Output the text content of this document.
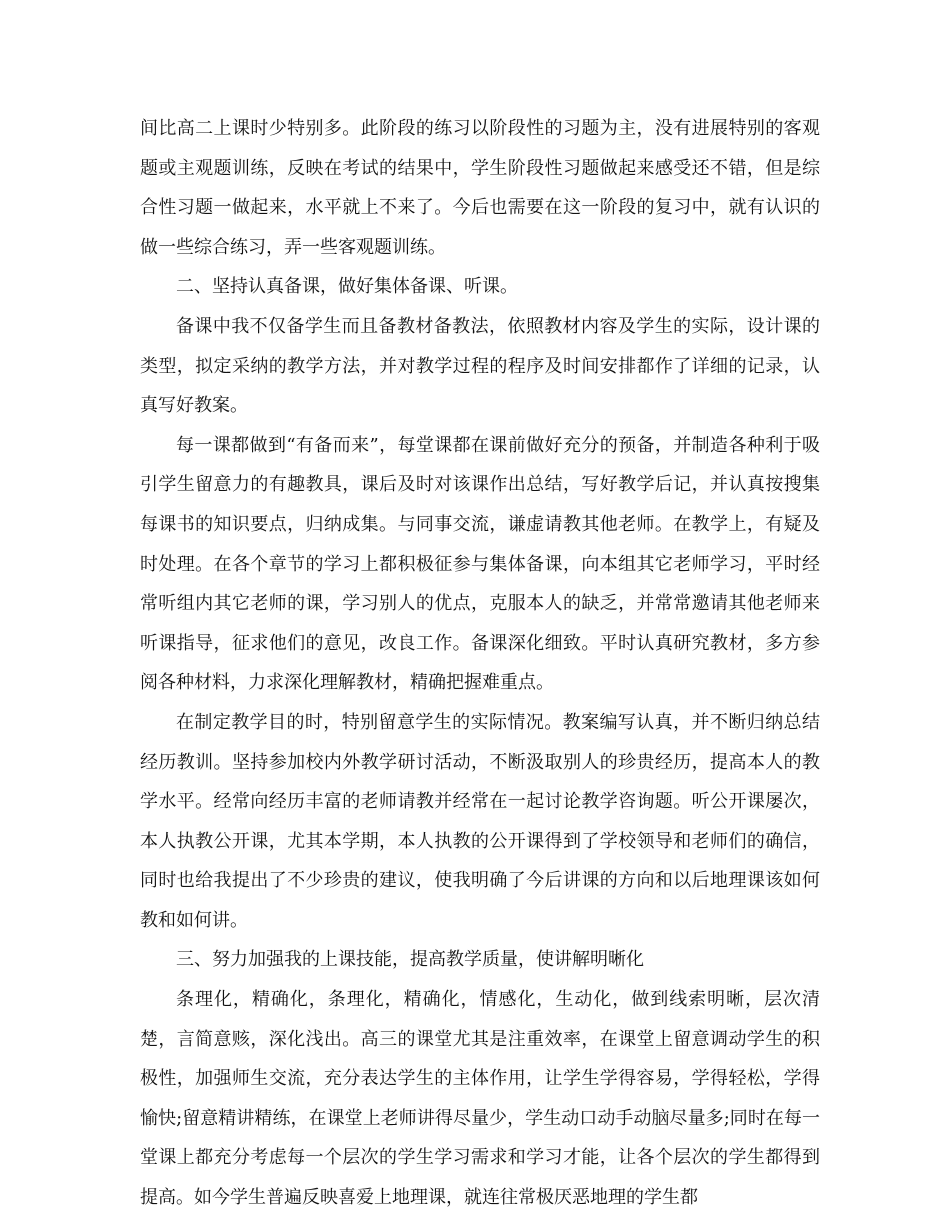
间比高二上课时少特别多。此阶段的练习以阶段性的习题为主，没有进展特别的客观题或主观题训练，反映在考试的结果中，学生阶段性习题做起来感受还不错，但是综合性习题一做起来，水平就上不来了。今后也需要在这一阶段的复习中，就有认识的做一些综合练习，弄一些客观题训练。

二、坚持认真备课，做好集体备课、听课。

备课中我不仅备学生而且备教材备教法，依照教材内容及学生的实际，设计课的类型，拟定采纳的教学方法，并对教学过程的程序及时间安排都作了详细的记录，认真写好教案。

每一课都做到“有备而来”，每堂课都在课前做好充分的预备，并制造各种利于吸引学生留意力的有趣教具，课后及时对该课作出总结，写好教学后记，并认真按搜集每课书的知识要点，归纳成集。与同事交流，谦虚请教其他老师。在教学上，有疑及时处理。在各个章节的学习上都积极征参与集体备课，向本组其它老师学习，平时经常听组内其它老师的课，学习别人的优点，克服本人的缺乏，并常常邀请其他老师来听课指导，征求他们的意见，改良工作。备课深化细致。平时认真研究教材，多方参阅各种材料，力求深化理解教材，精确把握难重点。

在制定教学目的时，特别留意学生的实际情况。教案编写认真，并不断归纳总结经历教训。坚持参加校内外教学研讨活动，不断汲取别人的珍贵经历，提高本人的教学水平。经常向经历丰富的老师请教并经常在一起讨论教学咨询题。听公开课屡次，本人执教公开课，尤其本学期，本人执教的公开课得到了学校领导和老师们的确信，同时也给我提出了不少珍贵的建议，使我明确了今后讲课的方向和以后地理课该如何教和如何讲。

三、努力加强我的上课技能，提高教学质量，使讲解明晰化

条理化，精确化，条理化，精确化，情感化，生动化，做到线索明晰，层次清楚，言简意赅，深化浅出。高三的课堂尤其是注重效率，在课堂上留意调动学生的积极性，加强师生交流，充分表达学生的主体作用，让学生学得容易，学得轻松，学得愉快;留意精讲精练，在课堂上老师讲得尽量少，学生动口动手动脑尽量多;同时在每一堂课上都充分考虑每一个层次的学生学习需求和学习才能，让各个层次的学生都得到提高。如今学生普遍反映喜爱上地理课，就连往常极厌恶地理的学生都
